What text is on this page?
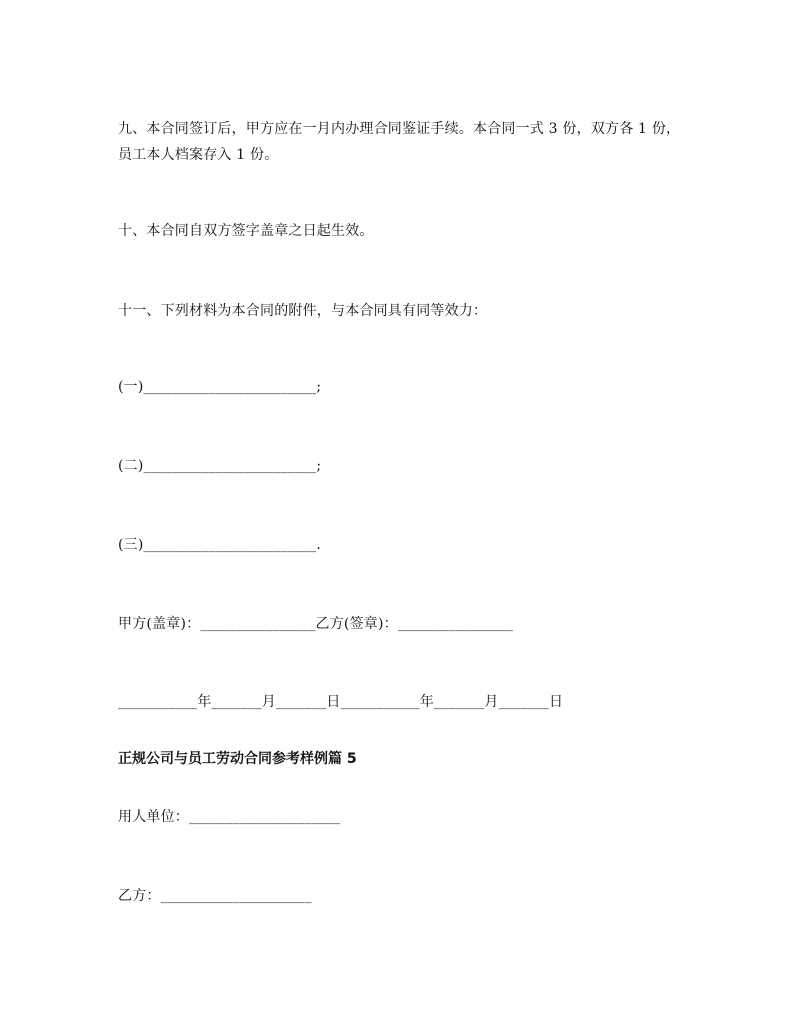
九、本合同签订后，甲方应在一月内办理合同鉴证手续。本合同一式 3 份，双方各 1 份，员工本人档案存入 1 份。
十、本合同自双方签字盖章之日起生效。
十一、下列材料为本合同的附件，与本合同具有同等效力：
(一)________________________;
(二)________________________;
(三)________________________.
甲方(盖章)：________________乙方(签章)：________________
___________年_______月_______日___________年_______月_______日
正规公司与员工劳动合同参考样例篇 5
用人单位：_____________________
乙方：_____________________
